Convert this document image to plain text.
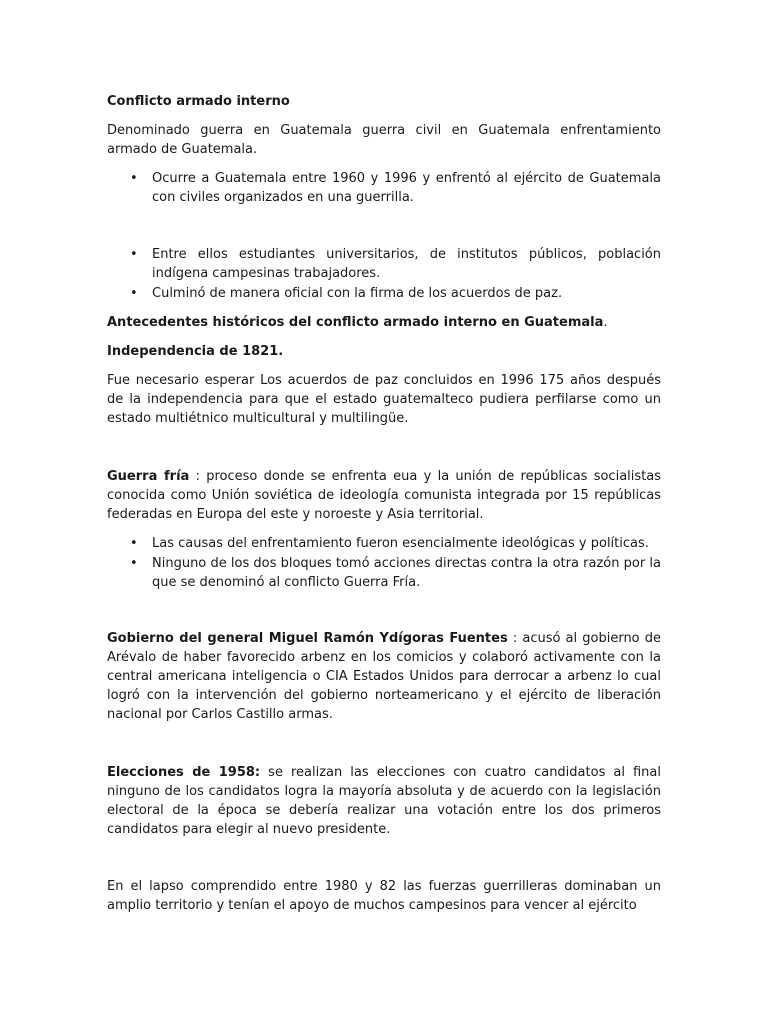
Conflicto armado interno

Denominado guerra en Guatemala guerra civil en Guatemala enfrentamiento armado de Guatemala.

• Ocurre a Guatemala entre 1960 y 1996 y enfrentó al ejército de Guatemala con civiles organizados en una guerrilla.
• Entre ellos estudiantes universitarios, de institutos públicos, población indígena campesinas trabajadores.
• Culminó de manera oficial con la firma de los acuerdos de paz.

Antecedentes históricos del conflicto armado interno en Guatemala.

Independencia de 1821.

Fue necesario esperar Los acuerdos de paz concluidos en 1996 175 años después de la independencia para que el estado guatemalteco pudiera perfilarse como un estado multiétnico multicultural y multilingüe.

Guerra fría : proceso donde se enfrenta eua y la unión de repúblicas socialistas conocida como Unión soviética de ideología comunista integrada por 15 repúblicas federadas en Europa del este y noroeste y Asia territorial.

• Las causas del enfrentamiento fueron esencialmente ideológicas y políticas.
• Ninguno de los dos bloques tomó acciones directas contra la otra razón por la que se denominó al conflicto Guerra Fría.

Gobierno del general Miguel Ramón Ydígoras Fuentes : acusó al gobierno de Arévalo de haber favorecido arbenz en los comicios y colaboró activamente con la central americana inteligencia o CIA Estados Unidos para derrocar a arbenz lo cual logró con la intervención del gobierno norteamericano y el ejército de liberación nacional por Carlos Castillo armas.

Elecciones de 1958: se realizan las elecciones con cuatro candidatos al final ninguno de los candidatos logra la mayoría absoluta y de acuerdo con la legislación electoral de la época se debería realizar una votación entre los dos primeros candidatos para elegir al nuevo presidente.

En el lapso comprendido entre 1980 y 82 las fuerzas guerrilleras dominaban un amplio territorio y tenían el apoyo de muchos campesinos para vencer al ejército
